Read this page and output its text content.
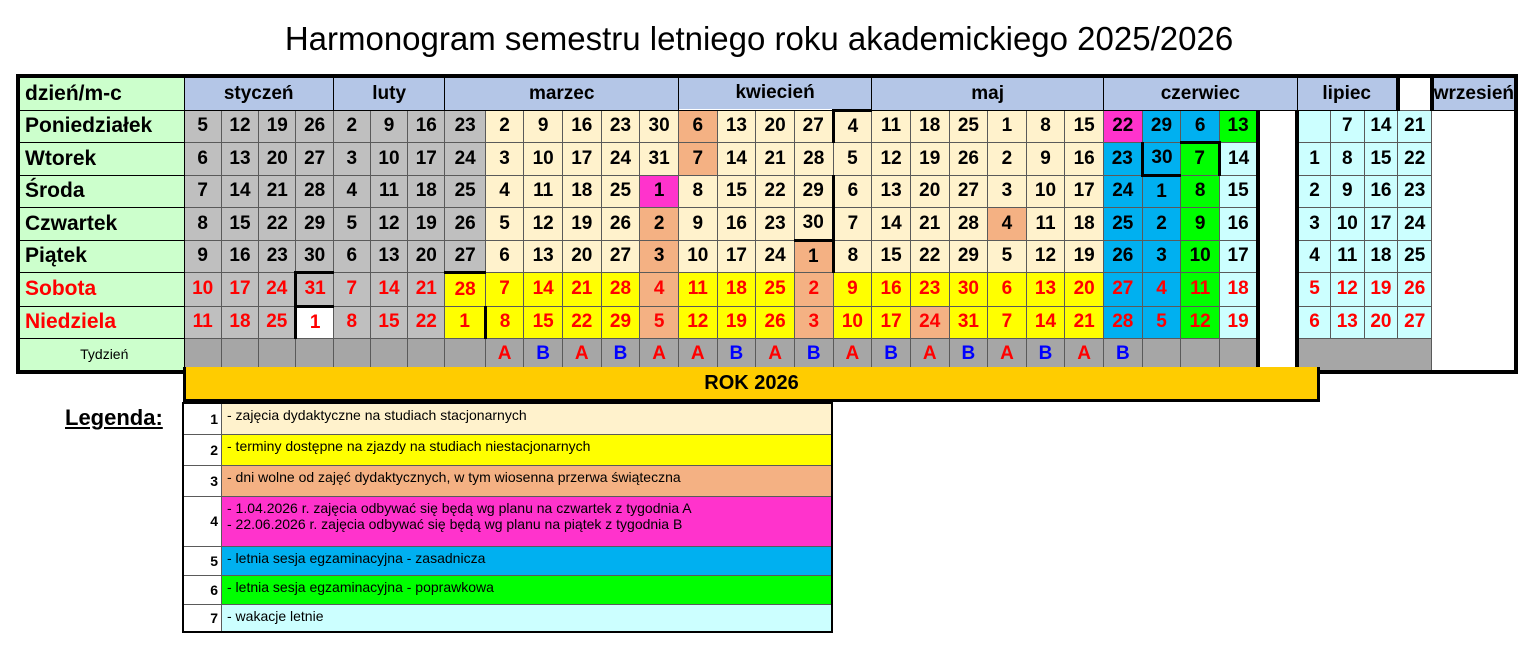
Harmonogram semestru letniego roku akademickiego 2025/2026
dzień/m-c	styczeń				luty			marzec						kwiecień					maj						czerwiec					lipiec				wrzesień
Poniedziałek	5	12	19	26	2	9	16	23	2	9	16	23	30	6	13	20	27	4	11	18	25	1	8	15	22	29	6	13			7	14	21	
Wtorek	6	13	20	27	3	10	17	24	3	10	17	24	31	7	14	21	28	5	12	19	26	2	9	16	23	30	7	14		1	8	15	22	
Środa	7	14	21	28	4	11	18	25	4	11	18	25	1	8	15	22	29	6	13	20	27	3	10	17	24	1	8	15		2	9	16	23	
Czwartek	8	15	22	29	5	12	19	26	5	12	19	26	2	9	16	23	30	7	14	21	28	4	11	18	25	2	9	16		3	10	17	24	
Piątek	9	16	23	30	6	13	20	27	6	13	20	27	3	10	17	24	1	8	15	22	29	5	12	19	26	3	10	17		4	11	18	25	
Sobota	10	17	24	31	7	14	21	28	7	14	21	28	4	11	18	25	2	9	16	23	30	6	13	20	27	4	11	18		5	12	19	26	
Niedziela	11	18	25	1	8	15	22	1	8	15	22	29	5	12	19	26	3	10	17	24	31	7	14	21	28	5	12	19		6	13	20	27	
Tydzień									A	B	A	B	A	A	B	A	B	A	B	A	B	A	B	A	B									
ROK 2026
Legenda:	1	- zajęcia dydaktyczne na studiach stacjonarnych

2	- terminy dostępne na zjazdy na studiach niestacjonarnych

3	- dni wolne od zajęć dydaktycznych, w tym wiosenna przerwa świąteczna

4	- 1.04.2026 r. zajęcia odbywać się będą wg planu na czwartek z tygodnia A
- 22.06.2026 r. zajęcia odbywać się będą wg planu na piątek z tygodnia B

5	- letnia sesja egzaminacyjna - zasadnicza

6	- letnia sesja egzaminacyjna - poprawkowa

7	- wakacje letnie
